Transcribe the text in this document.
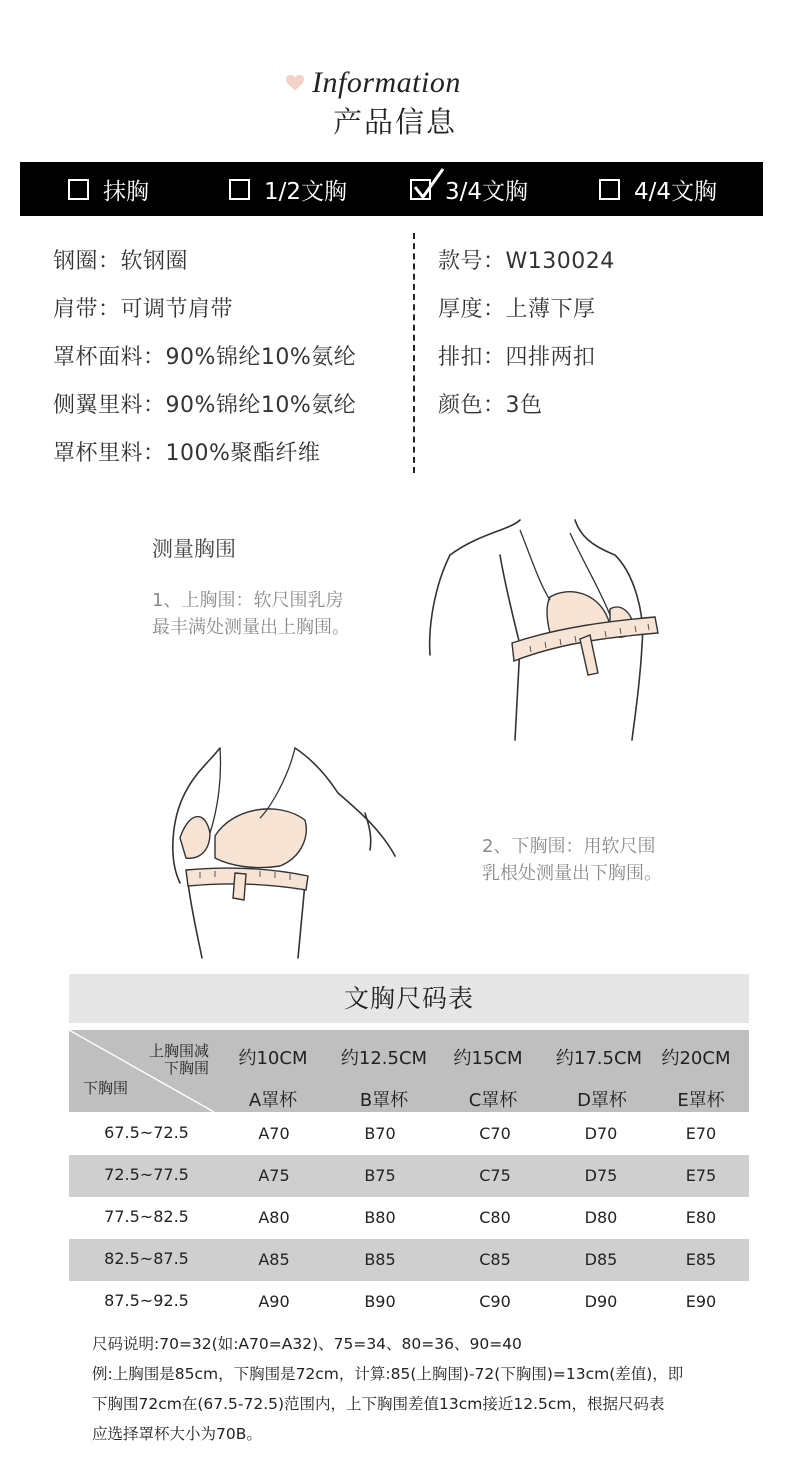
Information
产品信息
抹胸	1/2文胸	3/4文胸	4/4文胸
钢圈：软钢圈
肩带：可调节肩带
罩杯面料：90%锦纶10%氨纶
侧翼里料：90%锦纶10%氨纶
罩杯里料：100%聚酯纤维
款号：W130024
厚度：上薄下厚
排扣：四排两扣
颜色：3色
测量胸围
1、上胸围：软尺围乳房
最丰满处测量出上胸围。
2、下胸围：用软尺围
乳根处测量出下胸围。
文胸尺码表
上胸围减
下胸围
下胸围
约10CM	约12.5CM	约15CM	约17.5CM	约20CM
A罩杯	B罩杯	C罩杯	D罩杯	E罩杯
67.5~72.5	A70	B70	C70	D70	E70
72.5~77.5	A75	B75	C75	D75	E75
77.5~82.5	A80	B80	C80	D80	E80
82.5~87.5	A85	B85	C85	D85	E85
87.5~92.5	A90	B90	C90	D90	E90
尺码说明:70=32(如:A70=A32)、75=34、80=36、90=40
例:上胸围是85cm，下胸围是72cm，计算:85(上胸围)-72(下胸围)=13cm(差值)，即
下胸围72cm在(67.5-72.5)范围内，上下胸围差值13cm接近12.5cm，根据尺码表
应选择罩杯大小为70B。
